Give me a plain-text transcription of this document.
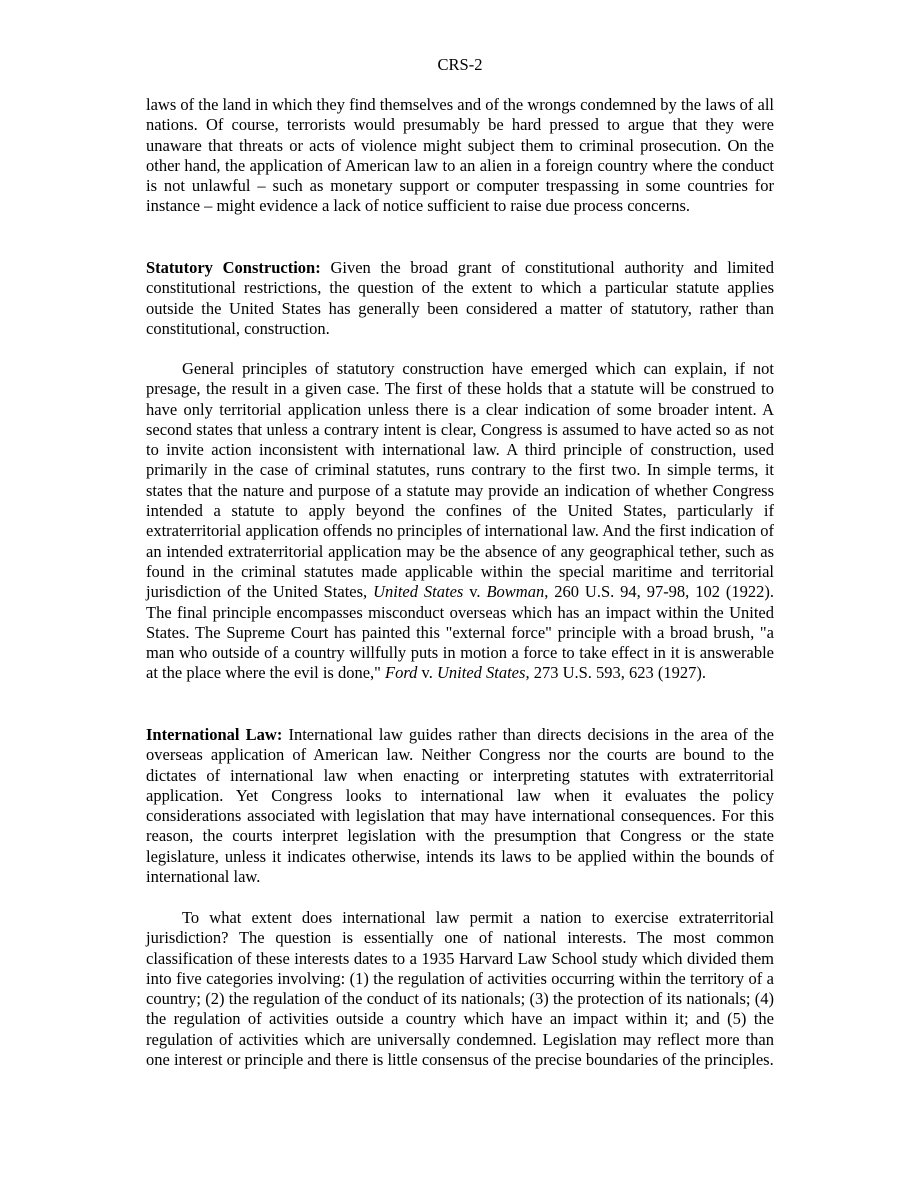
CRS-2

laws of the land in which they find themselves and of the wrongs condemned by the laws of all nations. Of course, terrorists would presumably be hard pressed to argue that they were unaware that threats or acts of violence might subject them to criminal prosecution. On the other hand, the application of American law to an alien in a foreign country where the conduct is not unlawful – such as monetary support or computer trespassing in some countries for instance – might evidence a lack of notice sufficient to raise due process concerns.

Statutory Construction: Given the broad grant of constitutional authority and limited constitutional restrictions, the question of the extent to which a particular statute applies outside the United States has generally been considered a matter of statutory, rather than constitutional, construction.

General principles of statutory construction have emerged which can explain, if not presage, the result in a given case. The first of these holds that a statute will be construed to have only territorial application unless there is a clear indication of some broader intent. A second states that unless a contrary intent is clear, Congress is assumed to have acted so as not to invite action inconsistent with international law. A third principle of construction, used primarily in the case of criminal statutes, runs contrary to the first two. In simple terms, it states that the nature and purpose of a statute may provide an indication of whether Congress intended a statute to apply beyond the confines of the United States, particularly if extraterritorial application offends no principles of international law. And the first indication of an intended extraterritorial application may be the absence of any geographical tether, such as found in the criminal statutes made applicable within the special maritime and territorial jurisdiction of the United States, United States v. Bowman, 260 U.S. 94, 97-98, 102 (1922). The final principle encompasses misconduct overseas which has an impact within the United States. The Supreme Court has painted this "external force" principle with a broad brush, "a man who outside of a country willfully puts in motion a force to take effect in it is answerable at the place where the evil is done," Ford v. United States, 273 U.S. 593, 623 (1927).

International Law: International law guides rather than directs decisions in the area of the overseas application of American law. Neither Congress nor the courts are bound to the dictates of international law when enacting or interpreting statutes with extraterritorial application. Yet Congress looks to international law when it evaluates the policy considerations associated with legislation that may have international consequences. For this reason, the courts interpret legislation with the presumption that Congress or the state legislature, unless it indicates otherwise, intends its laws to be applied within the bounds of international law.

To what extent does international law permit a nation to exercise extraterritorial jurisdiction? The question is essentially one of national interests. The most common classification of these interests dates to a 1935 Harvard Law School study which divided them into five categories involving: (1) the regulation of activities occurring within the territory of a country; (2) the regulation of the conduct of its nationals; (3) the protection of its nationals; (4) the regulation of activities outside a country which have an impact within it; and (5) the regulation of activities which are universally condemned. Legislation may reflect more than one interest or principle and there is little consensus of the precise boundaries of the principles.
